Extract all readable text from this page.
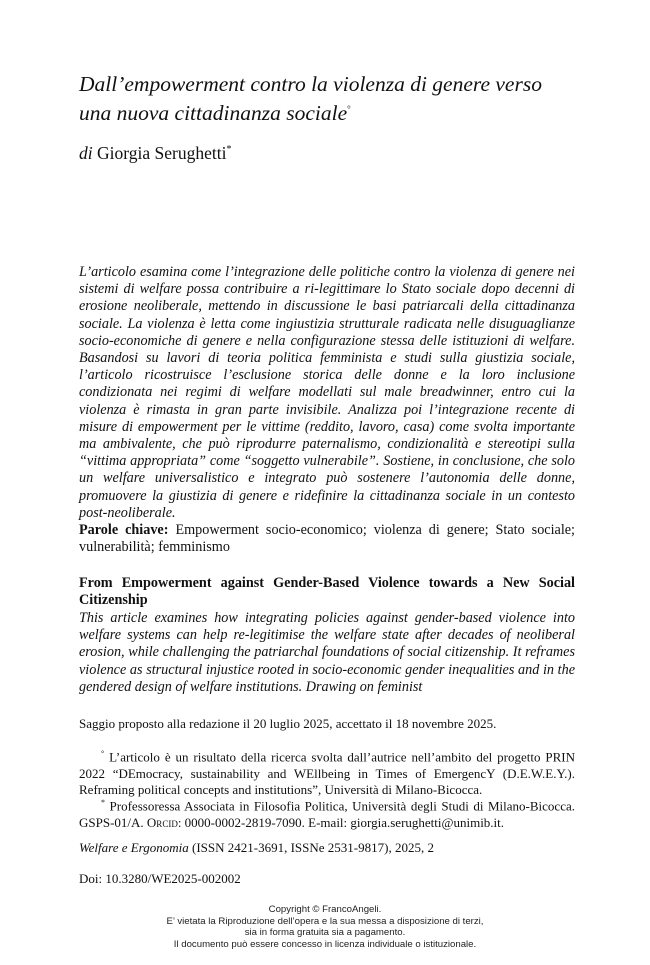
Dall’empowerment contro la violenza di genere verso una nuova cittadinanza sociale°
di Giorgia Serughetti*

L’articolo esamina come l’integrazione delle politiche contro la violenza di genere nei sistemi di welfare possa contribuire a ri-legittimare lo Stato sociale dopo decenni di erosione neoliberale, mettendo in discussione le basi patriarcali della cittadinanza sociale. La violenza è letta come ingiustizia strutturale radicata nelle disuguaglianze socio-economiche di genere e nella configurazione stessa delle istituzioni di welfare. Basandosi su lavori di teoria politica femminista e studi sulla giustizia sociale, l’articolo ricostruisce l’esclusione storica delle donne e la loro inclusione condizionata nei regimi di welfare modellati sul male breadwinner, entro cui la violenza è rimasta in gran parte invisibile. Analizza poi l’integrazione recente di misure di empowerment per le vittime (reddito, lavoro, casa) come svolta importante ma ambivalente, che può riprodurre paternalismo, condizionalità e stereotipi sulla “vittima appropriata” come “soggetto vulnerabile”. Sostiene, in conclusione, che solo un welfare universalistico e integrato può sostenere l’autonomia delle donne, promuovere la giustizia di genere e ridefinire la cittadinanza sociale in un contesto post-neoliberale.

Parole chiave: Empowerment socio-economico; violenza di genere; Stato sociale; vulnerabilità; femminismo

From Empowerment against Gender-Based Violence towards a New Social Citizenship

This article examines how integrating policies against gender-based violence into welfare systems can help re-legitimise the welfare state after decades of neoliberal erosion, while challenging the patriarchal foundations of social citizenship. It reframes violence as structural injustice rooted in socio-economic gender inequalities and in the gendered design of welfare institutions. Drawing on feminist

Saggio proposto alla redazione il 20 luglio 2025, accettato il 18 novembre 2025.

° L’articolo è un risultato della ricerca svolta dall’autrice nell’ambito del progetto PRIN 2022 “DEmocracy, sustainability and WEllbeing in Times of EmergencY (D.E.W.E.Y.). Reframing political concepts and institutions”, Università di Milano-Bicocca.

* Professoressa Associata in Filosofia Politica, Università degli Studi di Milano-Bicocca. GSPS-01/A. Orcid: 0000-0002-2819-7090. E-mail: giorgia.serughetti@unimib.it.

Welfare e Ergonomia (ISSN 2421-3691, ISSNe 2531-9817), 2025, 2
Doi: 10.3280/WE2025-002002
Copyright © FrancoAngeli.
E’ vietata la Riproduzione dell’opera e la sua messa a disposizione di terzi,
sia in forma gratuita sia a pagamento.
Il documento può essere concesso in licenza individuale o istituzionale.
